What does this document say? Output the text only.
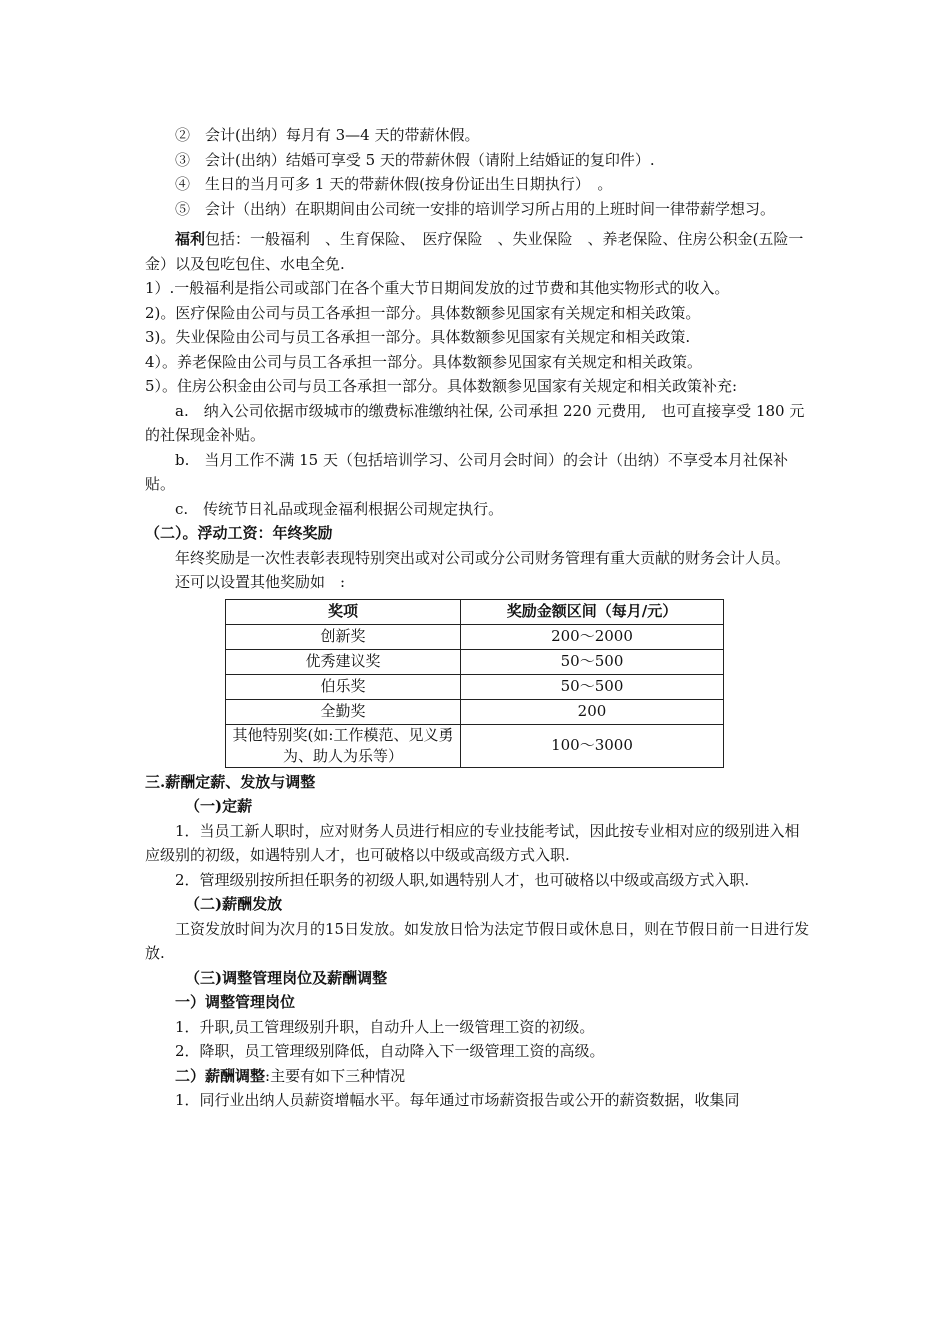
②　会计(出纳）每月有 3—4 天的带薪休假。

③　会计(出纳）结婚可享受 5 天的带薪休假（请附上结婚证的复印件）.

④　生日的当月可多 1 天的带薪休假(按身份证出生日期执行）　。

⑤　会计（出纳）在职期间由公司统一安排的培训学习所占用的上班时间一律带薪学想习。

福利包括：一般福利　、生育保险、　医疗保险　、失业保险　、养老保险、住房公积金(五险一金）以及包吃包住、水电全免.

1）.一般福利是指公司或部门在各个重大节日期间发放的过节费和其他实物形式的收入。

2)。医疗保险由公司与员工各承担一部分。具体数额参见国家有关规定和相关政策。

3)。失业保险由公司与员工各承担一部分。具体数额参见国家有关规定和相关政策.

4）。养老保险由公司与员工各承担一部分。具体数额参见国家有关规定和相关政策。

5）。住房公积金由公司与员工各承担一部分。具体数额参见国家有关规定和相关政策补充:

a.　纳入公司依据市级城市的缴费标准缴纳社保, 公司承担 220 元费用,　也可直接享受 180 元的社保现金补贴。

b.　当月工作不满 15 天（包括培训学习、公司月会时间）的会计（出纳）不享受本月社保补贴。

c.　传统节日礼品或现金福利根据公司规定执行。

（二）。浮动工资：年终奖励

年终奖励是一次性表彰表现特别突出或对公司或分公司财务管理有重大贡献的财务会计人员。

还可以设置其他奖励如　:

奖项	奖励金额区间（每月/元）
创新奖	200～2000
优秀建议奖	50～500
伯乐奖	50～500
全勤奖	200
其他特别奖(如:工作模范、见义勇为、助人为乐等）	100～3000

三.薪酬定薪、发放与调整

（一)定薪

1．当员工新人职时，应对财务人员进行相应的专业技能考试，因此按专业相对应的级别进入相应级别的初级，如遇特别人才，也可破格以中级或高级方式入职.

2．管理级别按所担任职务的初级人职,如遇特别人才，也可破格以中级或高级方式入职.

（二)薪酬发放

工资发放时间为次月的15日发放。如发放日恰为法定节假日或休息日，则在节假日前一日进行发放.

（三)调整管理岗位及薪酬调整

一）调整管理岗位

1．升职,员工管理级别升职，自动升人上一级管理工资的初级。

2．降职，员工管理级别降低，自动降入下一级管理工资的高级。

二）薪酬调整:主要有如下三种情况

1．同行业出纳人员薪资增幅水平。每年通过市场薪资报告或公开的薪资数据，收集同
